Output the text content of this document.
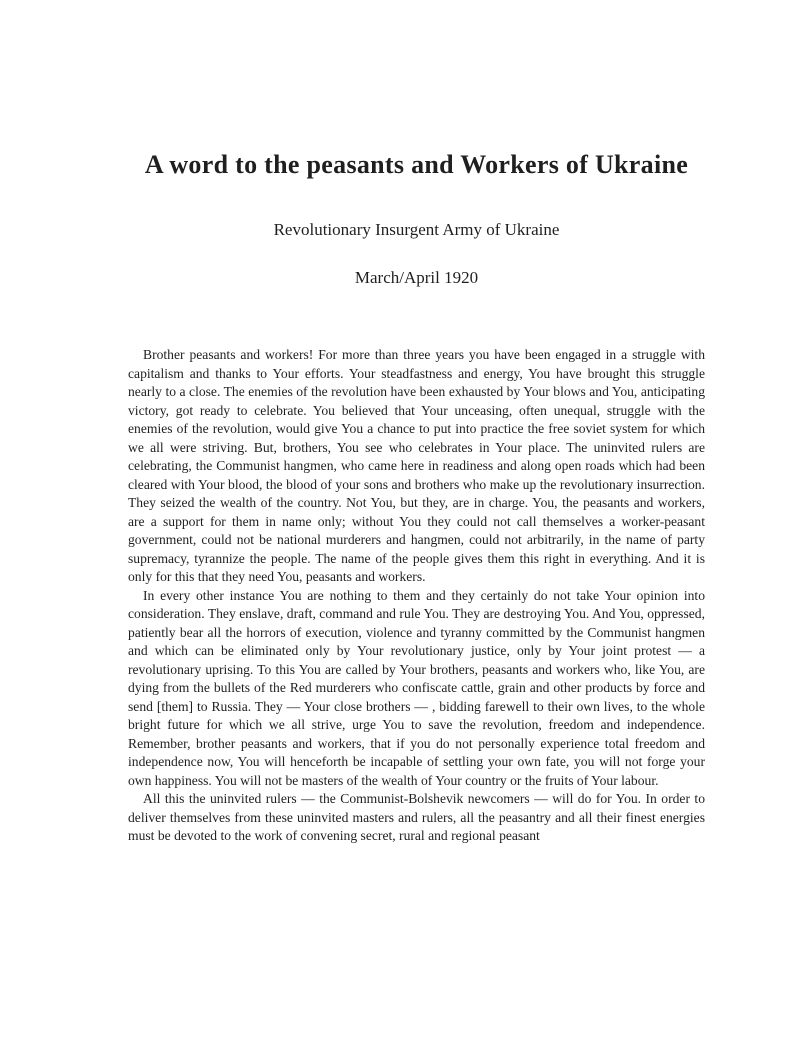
A word to the peasants and Workers of Ukraine
Revolutionary Insurgent Army of Ukraine
March/April 1920

Brother peasants and workers! For more than three years you have been engaged in a struggle with capitalism and thanks to Your efforts. Your steadfastness and energy, You have brought this struggle nearly to a close. The enemies of the revolution have been exhausted by Your blows and You, anticipating victory, got ready to celebrate. You believed that Your unceasing, often unequal, struggle with the enemies of the revolution, would give You a chance to put into practice the free soviet system for which we all were striving. But, brothers, You see who celebrates in Your place. The uninvited rulers are celebrating, the Communist hangmen, who came here in readiness and along open roads which had been cleared with Your blood, the blood of your sons and brothers who make up the revolutionary insurrection. They seized the wealth of the country. Not You, but they, are in charge. You, the peasants and workers, are a support for them in name only; without You they could not call themselves a worker-peasant government, could not be national murderers and hangmen, could not arbitrarily, in the name of party supremacy, tyrannize the people. The name of the people gives them this right in everything. And it is only for this that they need You, peasants and workers.

In every other instance You are nothing to them and they certainly do not take Your opinion into consideration. They enslave, draft, command and rule You. They are destroying You. And You, oppressed, patiently bear all the horrors of execution, violence and tyranny committed by the Communist hangmen and which can be eliminated only by Your revolutionary justice, only by Your joint protest — a revolutionary uprising. To this You are called by Your brothers, peasants and workers who, like You, are dying from the bullets of the Red murderers who confiscate cattle, grain and other products by force and send [them] to Russia. They — Your close brothers — , bidding farewell to their own lives, to the whole bright future for which we all strive, urge You to save the revolution, freedom and independence. Remember, brother peasants and workers, that if you do not personally experience total freedom and independence now, You will henceforth be incapable of settling your own fate, you will not forge your own happiness. You will not be masters of the wealth of Your country or the fruits of Your labour.

All this the uninvited rulers — the Communist-Bolshevik newcomers — will do for You. In order to deliver themselves from these uninvited masters and rulers, all the peasantry and all their finest energies must be devoted to the work of convening secret, rural and regional peasant
